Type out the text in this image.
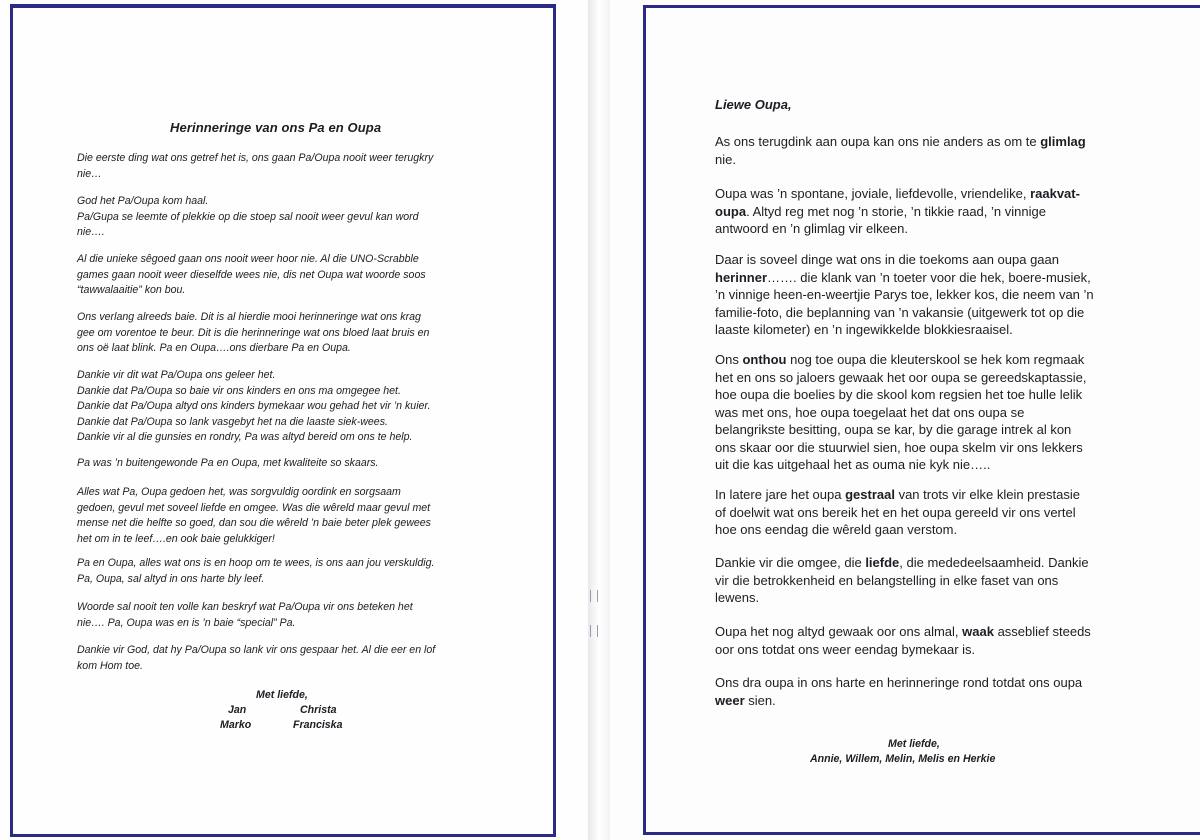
Herinneringe van ons Pa en Oupa

Die eerste ding wat ons getref het is, ons gaan Pa/Oupa nooit weer terugkry
nie…

God het Pa/Oupa kom haal.
Pa/Gupa se leemte of plekkie op die stoep sal nooit weer gevul kan word
nie….

Al die unieke sêgoed gaan ons nooit weer hoor nie. Al die UNO-Scrabble
games gaan nooit weer dieselfde wees nie, dis net Oupa wat woorde soos
“tawwalaaitie” kon bou.

Ons verlang alreeds baie. Dit is al hierdie mooi herinneringe wat ons krag
gee om vorentoe te beur. Dit is die herinneringe wat ons bloed laat bruis en
ons oë laat blink. Pa en Oupa….ons dierbare Pa en Oupa.

Dankie vir dit wat Pa/Oupa ons geleer het.
Dankie dat Pa/Oupa so baie vir ons kinders en ons ma omgegee het.
Dankie dat Pa/Oupa altyd ons kinders bymekaar wou gehad het vir ’n kuier.
Dankie dat Pa/Oupa so lank vasgebyt het na die laaste siek-wees.
Dankie vir al die gunsies en rondry, Pa was altyd bereid om ons te help.

Pa was ’n buitengewonde Pa en Oupa, met kwaliteite so skaars.

Alles wat Pa, Oupa gedoen het, was sorgvuldig oordink en sorgsaam
gedoen, gevul met soveel liefde en omgee. Was die wêreld maar gevul met
mense net die helfte so goed, dan sou die wêreld ’n baie beter plek gewees
het om in te leef….en ook baie gelukkiger!

Pa en Oupa, alles wat ons is en hoop om te wees, is ons aan jou verskuldig.
Pa, Oupa, sal altyd in ons harte bly leef.

Woorde sal nooit ten volle kan beskryf wat Pa/Oupa vir ons beteken het
nie…. Pa, Oupa was en is ’n baie “special” Pa.

Dankie vir God, dat hy Pa/Oupa so lank vir ons gespaar het. Al die eer en lof
kom Hom toe.

Met liefde,
Jan	Christa
Marko	Franciska
Liewe Oupa,

As ons terugdink aan oupa kan ons nie anders as om te glimlag
nie.

Oupa was ’n spontane, joviale, liefdevolle, vriendelike, raakvat-
oupa. Altyd reg met nog ’n storie, ’n tikkie raad, ’n vinnige
antwoord en ’n glimlag vir elkeen.

Daar is soveel dinge wat ons in die toekoms aan oupa gaan
herinner……. die klank van ’n toeter voor die hek, boere-musiek,
’n vinnige heen-en-weertjie Parys toe, lekker kos, die neem van ’n
familie-foto, die beplanning van ’n vakansie (uitgewerk tot op die
laaste kilometer) en ’n ingewikkelde blokkiesraaisel.

Ons onthou nog toe oupa die kleuterskool se hek kom regmaak
het en ons so jaloers gewaak het oor oupa se gereedskaptassie,
hoe oupa die boelies by die skool kom regsien het toe hulle lelik
was met ons, hoe oupa toegelaat het dat ons oupa se
belangrikste besitting, oupa se kar, by die garage intrek al kon
ons skaar oor die stuurwiel sien, hoe oupa skelm vir ons lekkers
uit die kas uitgehaal het as ouma nie kyk nie…..

In latere jare het oupa gestraal van trots vir elke klein prestasie
of doelwit wat ons bereik het en het oupa gereeld vir ons vertel
hoe ons eendag die wêreld gaan verstom.

Dankie vir die omgee, die liefde, die mededeelsaamheid. Dankie
vir die betrokkenheid en belangstelling in elke faset van ons
lewens.

Oupa het nog altyd gewaak oor ons almal, waak asseblief steeds
oor ons totdat ons weer eendag bymekaar is.

Ons dra oupa in ons harte en herinneringe rond totdat ons oupa
weer sien.

Met liefde,
Annie, Willem, Melin, Melis en Herkie
